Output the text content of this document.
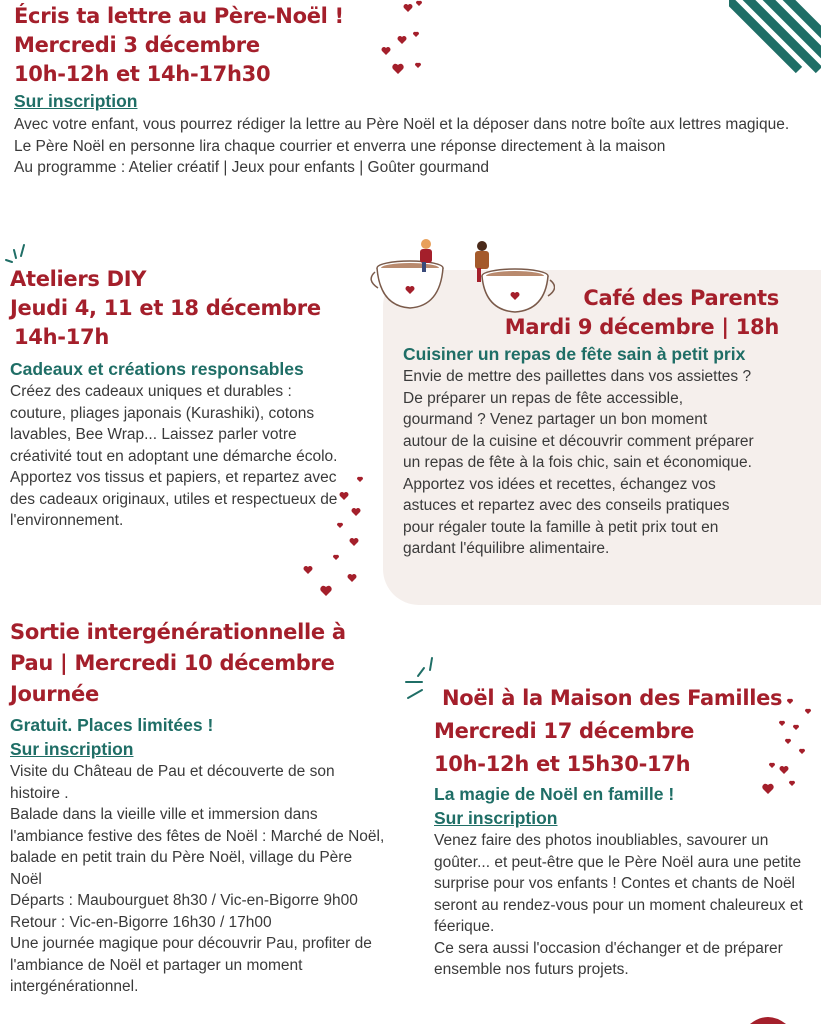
Écris ta lettre au Père-Noël !
Mercredi 3 décembre
10h-12h et 14h-17h30
Sur inscription

Avec votre enfant, vous pourrez rédiger la lettre au Père Noël et la déposer dans notre boîte aux lettres magique.

Le Père Noël en personne lira chaque courrier et enverra une réponse directement à la maison

Au programme : Atelier créatif | Jeux pour enfants | Goûter gourmand

Ateliers DIY
Jeudi 4, 11 et 18 décembre
14h-17h
Cadeaux et créations responsables

Créez des cadeaux uniques et durables : couture, pliages japonais (Kurashiki), cotons lavables, Bee Wrap... Laissez parler votre créativité tout en adoptant une démarche écolo. Apportez vos tissus et papiers, et repartez avec des cadeaux originaux, utiles et respectueux de l'environnement.

Café des Parents
Mardi 9 décembre | 18h
Cuisiner un repas de fête sain à petit prix

Envie de mettre des paillettes dans vos assiettes ? De préparer un repas de fête accessible, gourmand ? Venez partager un bon moment autour de la cuisine et découvrir comment préparer un repas de fête à la fois chic, sain et économique. Apportez vos idées et recettes, échangez vos astuces et repartez avec des conseils pratiques pour régaler toute la famille à petit prix tout en gardant l'équilibre alimentaire.

Sortie intergénérationnelle à
Pau | Mercredi 10 décembre
Journée
Gratuit. Places limitées !
Sur inscription

Visite du Château de Pau et découverte de son histoire .

Balade dans la vieille ville et immersion dans l'ambiance festive des fêtes de Noël : Marché de Noël, balade en petit train du Père Noël, village du Père Noël

Départs : Maubourguet 8h30 / Vic-en-Bigorre 9h00

Retour : Vic-en-Bigorre 16h30 / 17h00

Une journée magique pour découvrir Pau, profiter de l'ambiance de Noël et partager un moment intergénérationnel.

Noël à la Maison des Familles
Mercredi 17 décembre
10h-12h et 15h30-17h
La magie de Noël en famille !
Sur inscription

Venez faire des photos inoubliables, savourer un goûter... et peut-être que le Père Noël aura une petite surprise pour vos enfants ! Contes et chants de Noël seront au rendez-vous pour un moment chaleureux et féerique.

Ce sera aussi l'occasion d'échanger et de préparer ensemble nos futurs projets.
